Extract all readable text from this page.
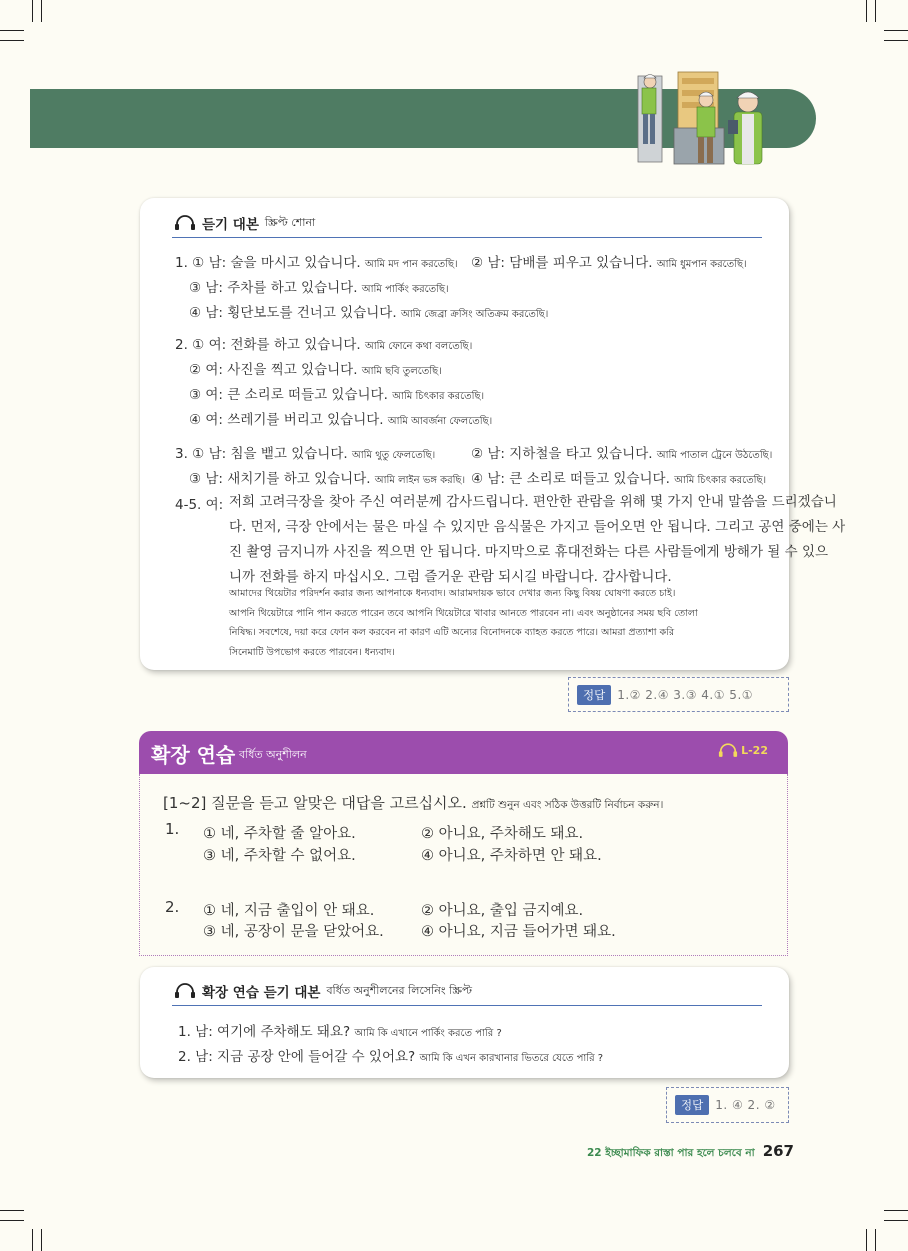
듣기 대본 স্ক্রিপ্ট শোনা
1. ① 남: 술을 마시고 있습니다. আমি মদ পান করতেছি। ② 남: 담배를 피우고 있습니다. আমি ধুমপান করতেছি।
③ 남: 주차를 하고 있습니다. আমি পার্কিং করতেছি।
④ 남: 횡단보도를 건너고 있습니다. আমি জেব্রা ক্রসিং অতিক্রম করতেছি।
2. ① 여: 전화를 하고 있습니다. আমি ফোনে কথা বলতেছি।
② 여: 사진을 찍고 있습니다. আমি ছবি তুলতেছি।
③ 여: 큰 소리로 떠들고 있습니다. আমি চিৎকার করতেছি।
④ 여: 쓰레기를 버리고 있습니다. আমি আবর্জনা ফেলতেছি।
3. ① 남: 침을 뱉고 있습니다. আমি থুতু ফেলতেছি।	② 남: 지하철을 타고 있습니다. আমি পাতাল ট্রেনে উঠতেছি।
③ 남: 새치기를 하고 있습니다. আমি লাইন ভঙ্গ করছি। ④ 남: 큰 소리로 떠들고 있습니다. আমি চিৎকার করতেছি।
4-5. 여: 저희 고려극장을 찾아 주신 여러분께 감사드립니다. 편안한 관람을 위해 몇 가지 안내 말씀을 드리겠습니
다. 먼저, 극장 안에서는 물은 마실 수 있지만 음식물은 가지고 들어오면 안 됩니다. 그리고 공연 중에는 사
진 촬영 금지니까 사진을 찍으면 안 됩니다. 마지막으로 휴대전화는 다른 사람들에게 방해가 될 수 있으
니까 전화를 하지 마십시오. 그럼 즐거운 관람 되시길 바랍니다. 감사합니다.
আমাদের থিয়েটার পরিদর্শন করার জন্য আপনাকে ধন্যবাদ। আরামদায়ক ভাবে দেখার জন্য কিছু বিষয় ঘোষণা করতে চাই।
আপনি থিয়েটারে পানি পান করতে পারেন তবে আপনি থিয়েটারে খাবার আনতে পারবেন না। এবং অনুষ্ঠানের সময় ছবি তোলা
নিষিদ্ধ। সবশেষে, দয়া করে ফোন কল করবেন না কারণ এটি অন্যের বিনোদনকে ব্যাহত করতে পারে। আমরা প্রত্যাশা করি
সিনেমাটি উপভোগ করতে পারবেন। ধন্যবাদ।
정답	1.② 2.④ 3.③ 4.① 5.①
확장 연습 বর্ধিত অনুশীলন	L-22
[1~2] 질문을 듣고 알맞은 대답을 고르십시오. প্রশ্নটি শুনুন এবং সঠিক উত্তরটি নির্বাচন করুন।
1. ① 네, 주차할 줄 알아요.	② 아니요, 주차해도 돼요.
③ 네, 주차할 수 없어요.	④ 아니요, 주차하면 안 돼요.
2. ① 네, 지금 출입이 안 돼요.	② 아니요, 출입 금지예요.
③ 네, 공장이 문을 닫았어요.	④ 아니요, 지금 들어가면 돼요.
확장 연습 듣기 대본 বর্ধিত অনুশীলনের লিসেনিং স্ক্রিপ্ট
1. 남: 여기에 주차해도 돼요? আমি কি এখানে পার্কিং করতে পারি ?
2. 남: 지금 공장 안에 들어갈 수 있어요? আমি কি এখন কারখানার ভিতরে যেতে পারি ?
정답	1. ④ 2. ②
22 ইচ্ছামাফিক রাস্তা পার হলে চলবে না 267
